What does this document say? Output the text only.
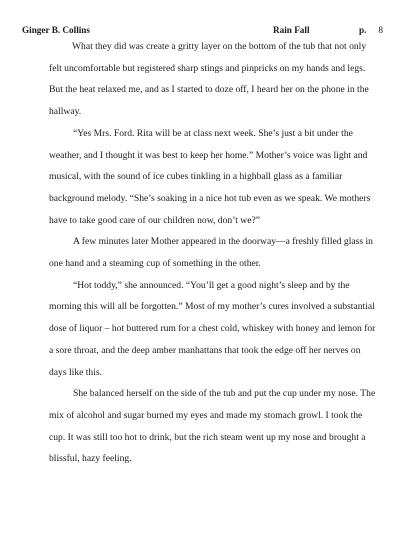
Ginger B. Collins	Rain Fall	p. 8

What they did was create a gritty layer on the bottom of the tub that not only felt uncomfortable but registered sharp stings and pinpricks on my hands and legs. But the heat relaxed me, and as I started to doze off, I heard her on the phone in the hallway.

“Yes Mrs. Ford. Rita will be at class next week. She’s just a bit under the weather, and I thought it was best to keep her home.” Mother’s voice was light and musical, with the sound of ice cubes tinkling in a highball glass as a familiar background melody. “She’s soaking in a nice hot tub even as we speak. We mothers have to take good care of our children now, don’t we?”

A few minutes later Mother appeared in the doorway—a freshly filled glass in one hand and a steaming cup of something in the other.

“Hot toddy,” she announced. “You’ll get a good night’s sleep and by the morning this will all be forgotten.” Most of my mother’s cures involved a substantial dose of liquor – hot buttered rum for a chest cold, whiskey with honey and lemon for a sore throat, and the deep amber manhattans that took the edge off her nerves on days like this.

She balanced herself on the side of the tub and put the cup under my nose. The mix of alcohol and sugar burned my eyes and made my stomach growl. I took the cup. It was still too hot to drink, but the rich steam went up my nose and brought a blissful, hazy feeling.
